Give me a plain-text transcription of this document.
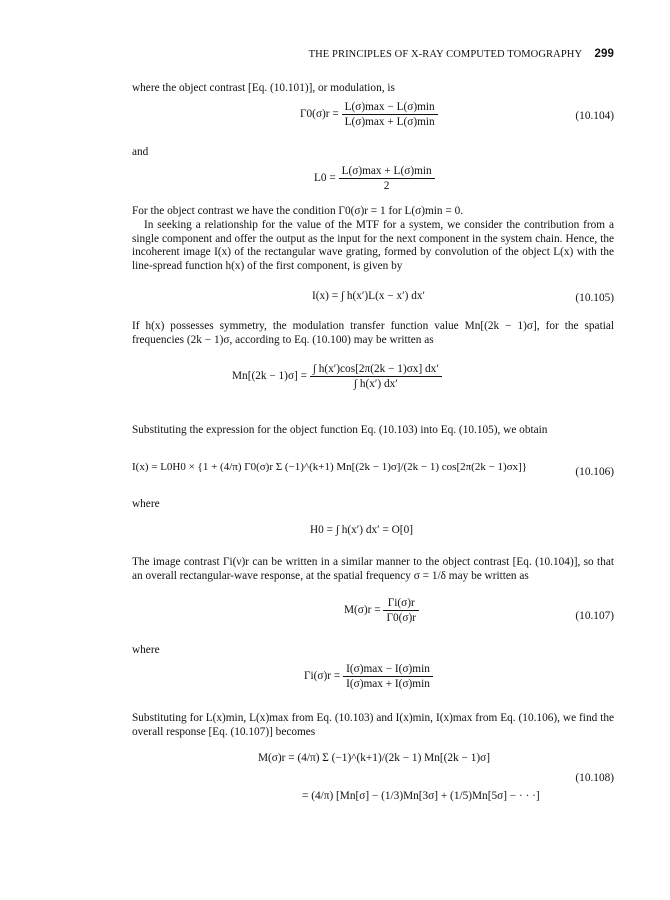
THE PRINCIPLES OF X-RAY COMPUTED TOMOGRAPHY 299
where the object contrast [Eq. (10.101)], or modulation, is
$\Gamma 0(\sigma)r = \frac{L(\sigma)\max - L(\sigma)\min}{L(\sigma)\max + L(\sigma)\min}$	(10.104)
and
$L0 = \frac{L(\sigma)\max + L(\sigma)\min}{2}$
For the object contrast we have the condition Γ0(σ)r = 1 for L(σ)min = 0.
In seeking a relationship for the value of the MTF for a system, we consider the contribution from a single component and offer the output as the input for the next component in the system chain. Hence, the incoherent image I(x) of the rectangular wave grating, formed by convolution of the object L(x) with the line-spread function h(x) of the first component, is given by
I(x) = ∫ h(x′)L(x − x′) dx′	(10.105)
If h(x) possesses symmetry, the modulation transfer function value Mn[(2k − 1)σ], for the spatial frequencies (2k − 1)σ, according to Eq. (10.100) may be written as
$Mn[(2k - 1)\sigma] = \frac{\int h(x')\cos[2\pi(2k - 1)\sigma x] dx'}{\int h(x') dx'}$
Substituting the expression for the object function Eq. (10.103) into Eq. (10.105), we obtain
I(x) = L0H0 × {1 + (4/π) Γ0(σ)r Σ (−1)^(k+1) Mn[(2k − 1)σ]/(2k − 1) cos[2π(2k − 1)σx]}	(10.106)
where
H0 = ∫ h(x′) dx′ = O[0]
The image contrast Γi(ν)r can be written in a similar manner to the object contrast [Eq. (10.104)], so that an overall rectangular-wave response, at the spatial frequency σ = 1/δ may be written as
$M(\sigma)r = \frac{\Gamma i(\sigma)r}{\Gamma 0(\sigma)r}$	(10.107)
where
$\Gamma i(\sigma)r = \frac{I(\sigma)\max - I(\sigma)\min}{I(\sigma)\max + I(\sigma)\min}$
Substituting for L(x)min, L(x)max from Eq. (10.103) and I(x)min, I(x)max from Eq. (10.106), we find the overall response [Eq. (10.107)] becomes
M(σ)r = (4/π) Σ (−1)^(k+1)/(2k − 1) Mn[(2k − 1)σ]
= (4/π) [Mn[σ] − (1/3)Mn[3σ] + (1/5)Mn[5σ] − · · ·]
(10.108)
